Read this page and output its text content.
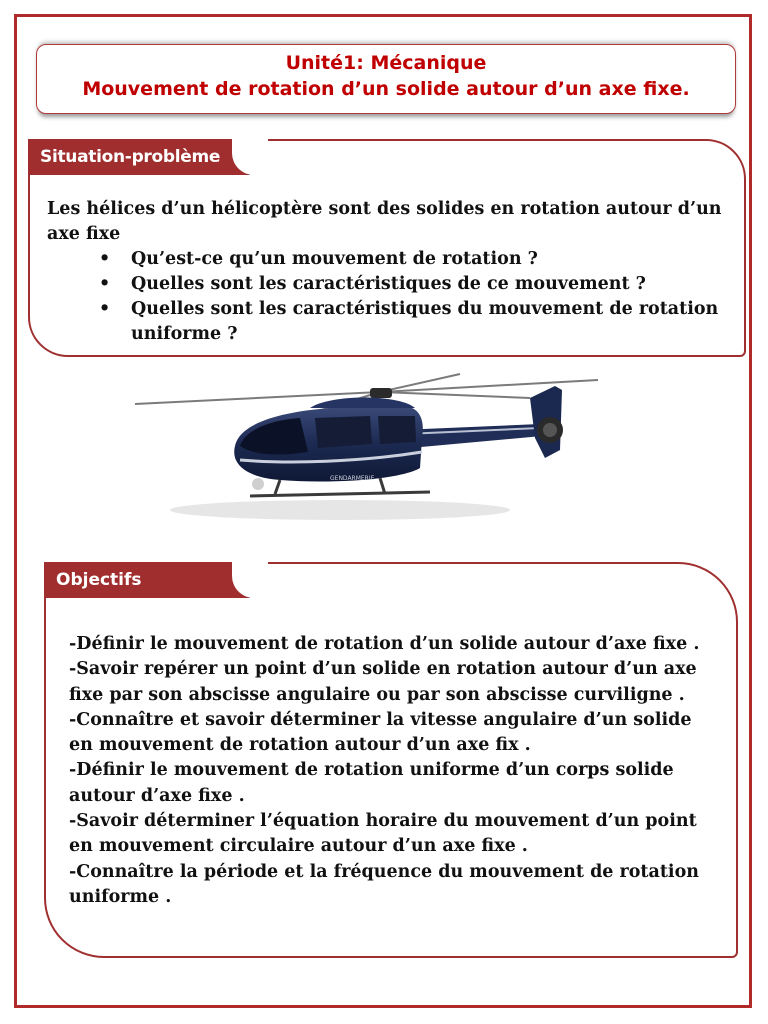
Unité1: Mécanique
Mouvement de rotation d’un solide autour d’un axe fixe.
Situation-problème

Les hélices d’un hélicoptère sont des solides en rotation autour d’un axe fixe

• Qu’est-ce qu’un mouvement de rotation ?
• Quelles sont les caractéristiques de ce mouvement ?
• Quelles sont les caractéristiques du mouvement de rotation uniforme ?
GENDARMERIE
Objectifs

-Définir le mouvement de rotation d’un solide autour d’axe fixe .

-Savoir repérer un point d’un solide en rotation autour d’un axe fixe par son abscisse angulaire ou par son abscisse curviligne .

-Connaître et savoir déterminer la vitesse angulaire d’un solide en mouvement de rotation autour d’un axe fix .

-Définir le mouvement de rotation uniforme d’un corps solide autour d’axe fixe .

-Savoir déterminer l’équation horaire du mouvement d’un point en mouvement circulaire autour d’un axe fixe .

-Connaître la période et la fréquence du mouvement de rotation uniforme .
